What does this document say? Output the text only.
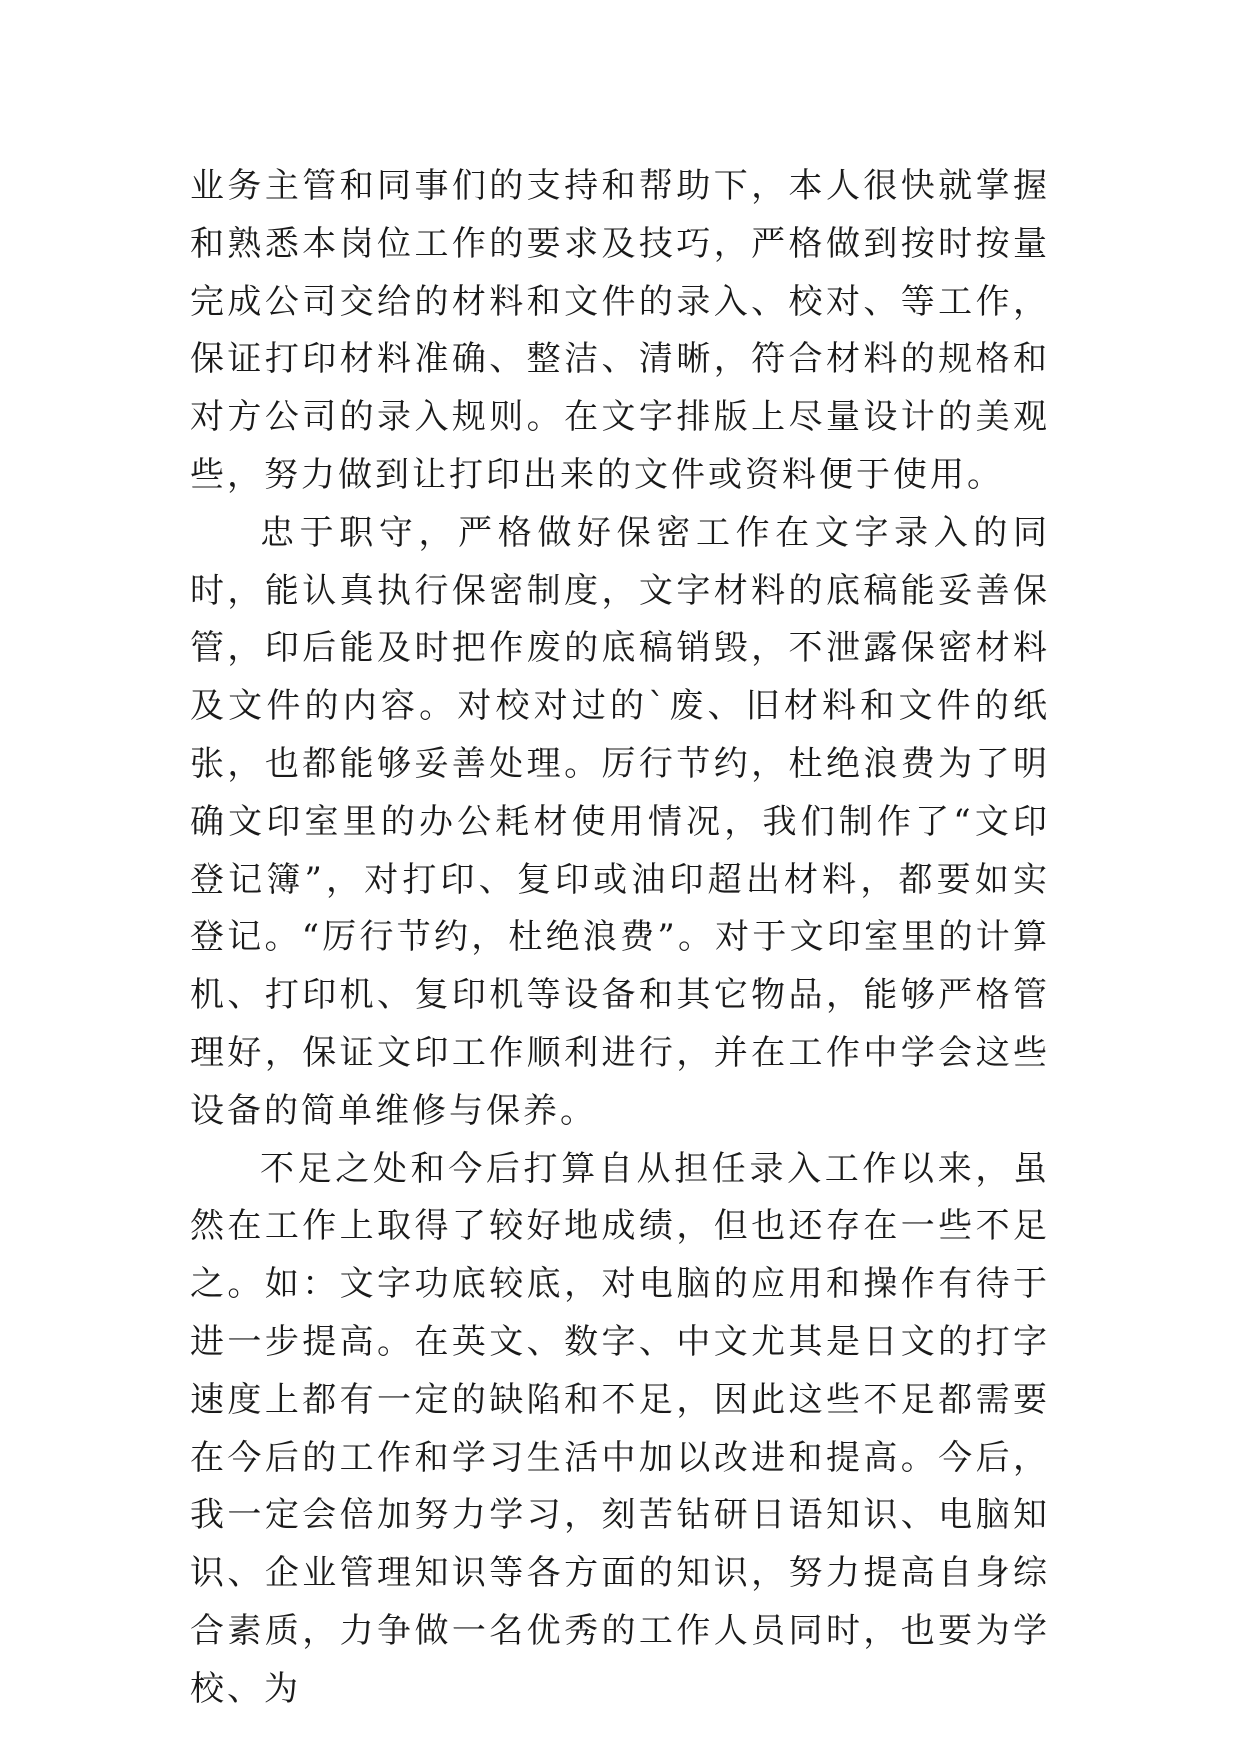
业务主管和同事们的支持和帮助下，本人很快就掌握和熟悉本岗位工作的要求及技巧，严格做到按时按量完成公司交给的材料和文件的录入、校对、等工作，保证打印材料准确、整洁、清晰，符合材料的规格和对方公司的录入规则。在文字排版上尽量设计的美观些，努力做到让打印出来的文件或资料便于使用。

忠于职守，严格做好保密工作在文字录入的同时，能认真执行保密制度，文字材料的底稿能妥善保管，印后能及时把作废的底稿销毁，不泄露保密材料及文件的内容。对校对过的`废、旧材料和文件的纸张，也都能够妥善处理。厉行节约，杜绝浪费为了明确文印室里的办公耗材使用情况，我们制作了“文印登记簿”，对打印、复印或油印超出材料，都要如实登记。“厉行节约，杜绝浪费”。对于文印室里的计算机、打印机、复印机等设备和其它物品，能够严格管理好，保证文印工作顺利进行，并在工作中学会这些设备的简单维修与保养。

不足之处和今后打算自从担任录入工作以来，虽然在工作上取得了较好地成绩，但也还存在一些不足之。如：文字功底较底，对电脑的应用和操作有待于进一步提高。在英文、数字、中文尤其是日文的打字速度上都有一定的缺陷和不足，因此这些不足都需要在今后的工作和学习生活中加以改进和提高。今后，我一定会倍加努力学习，刻苦钻研日语知识、电脑知识、企业管理知识等各方面的知识，努力提高自身综合素质，力争做一名优秀的工作人员同时，也要为学校、为
